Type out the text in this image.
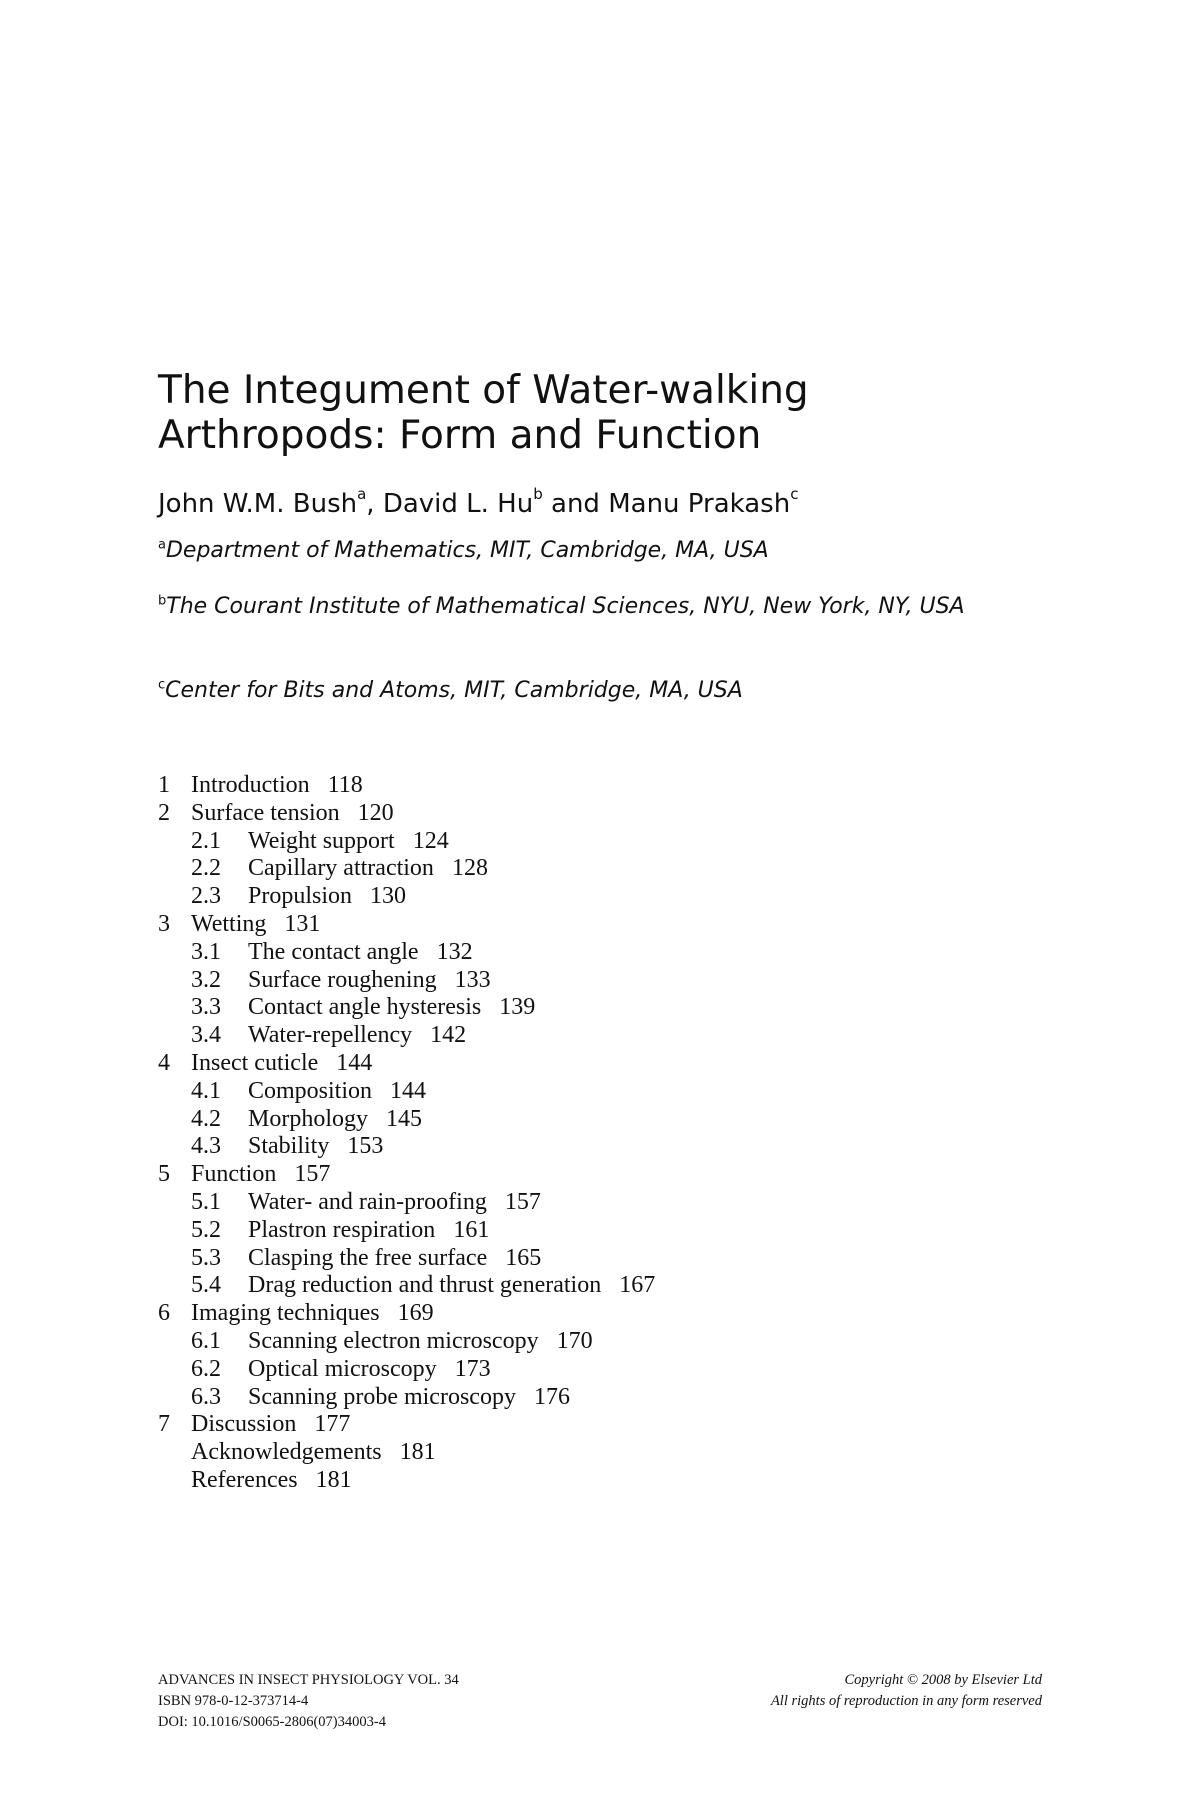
The Integument of Water-walking
Arthropods: Form and Function
John W.M. Bush$^a$, David L. Hu$^b$ and Manu Prakash$^c$
$^a$Department of Mathematics, MIT, Cambridge, MA, USA
$^b$The Courant Institute of Mathematical Sciences, NYU, New York, NY, USA
$^c$Center for Bits and Atoms, MIT, Cambridge, MA, USA
1 Introduction 118
2 Surface tension 120
2.1 Weight support 124
2.2 Capillary attraction 128
2.3 Propulsion 130
3 Wetting 131
3.1 The contact angle 132
3.2 Surface roughening 133
3.3 Contact angle hysteresis 139
3.4 Water-repellency 142
4 Insect cuticle 144
4.1 Composition 144
4.2 Morphology 145
4.3 Stability 153
5 Function 157
5.1 Water- and rain-proofing 157
5.2 Plastron respiration 161
5.3 Clasping the free surface 165
5.4 Drag reduction and thrust generation 167
6 Imaging techniques 169
6.1 Scanning electron microscopy 170
6.2 Optical microscopy 173
6.3 Scanning probe microscopy 176
7 Discussion 177
Acknowledgements 181
References 181
ADVANCES IN INSECT PHYSIOLOGY VOL. 34
ISBN 978-0-12-373714-4
DOI: 10.1016/S0065-2806(07)34003-4
Copyright © 2008 by Elsevier Ltd
All rights of reproduction in any form reserved
